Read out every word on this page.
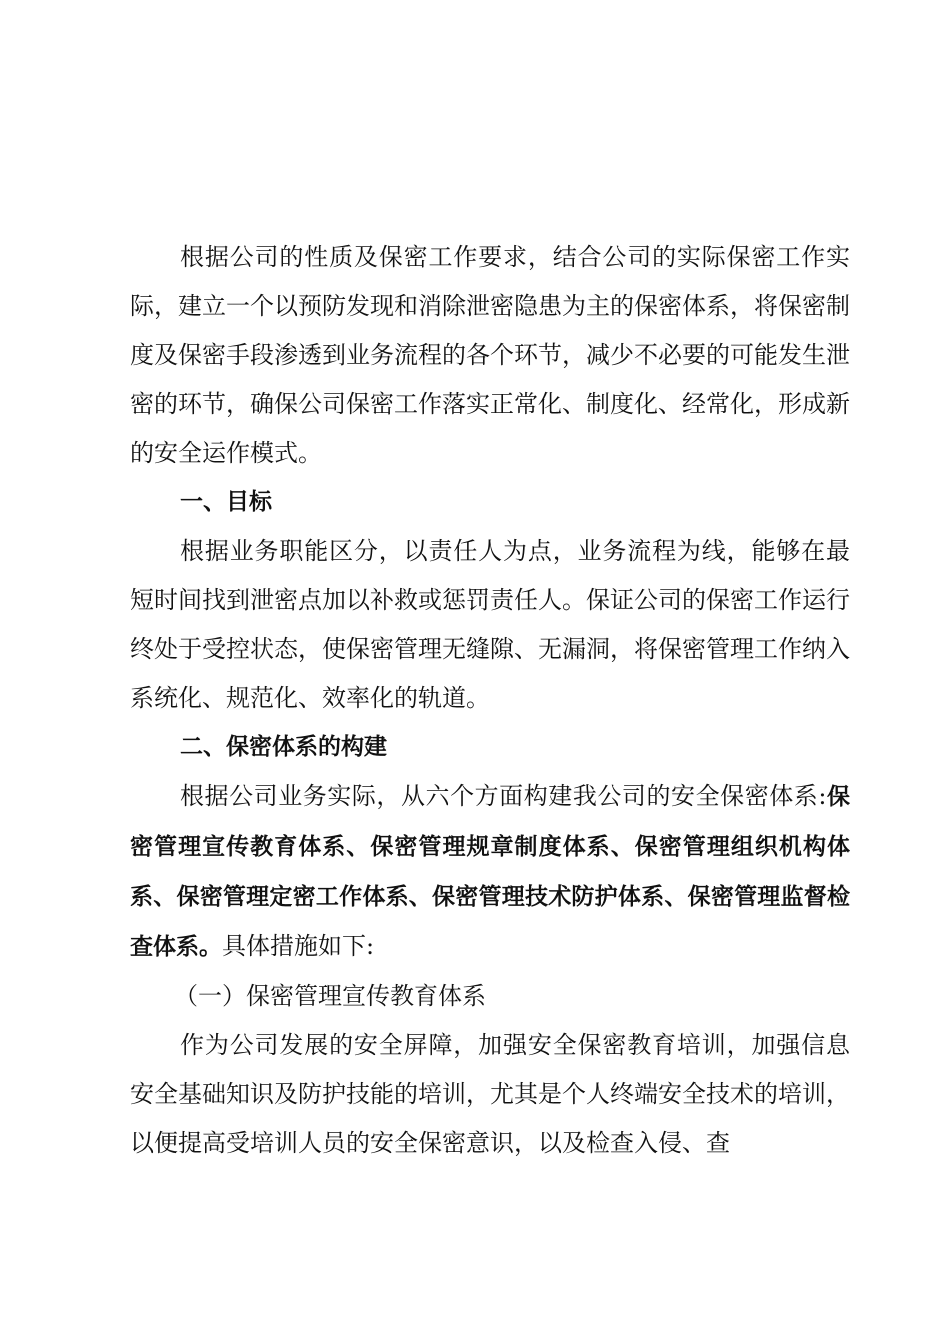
根据公司的性质及保密工作要求，结合公司的实际保密工作实际，建立一个以预防发现和消除泄密隐患为主的保密体系，将保密制度及保密手段渗透到业务流程的各个环节，减少不必要的可能发生泄密的环节，确保公司保密工作落实正常化、制度化、经常化，形成新的安全运作模式。

一、目标

根据业务职能区分，以责任人为点，业务流程为线，能够在最短时间找到泄密点加以补救或惩罚责任人。保证公司的保密工作运行终处于受控状态，使保密管理无缝隙、无漏洞，将保密管理工作纳入系统化、规范化、效率化的轨道。

二、保密体系的构建

根据公司业务实际，从六个方面构建我公司的安全保密体系:保密管理宣传教育体系、保密管理规章制度体系、保密管理组织机构体系、保密管理定密工作体系、保密管理技术防护体系、保密管理监督检查体系。具体措施如下:

（一）保密管理宣传教育体系

作为公司发展的安全屏障，加强安全保密教育培训，加强信息安全基础知识及防护技能的培训，尤其是个人终端安全技术的培训，以便提高受培训人员的安全保密意识，以及检查入侵、查
